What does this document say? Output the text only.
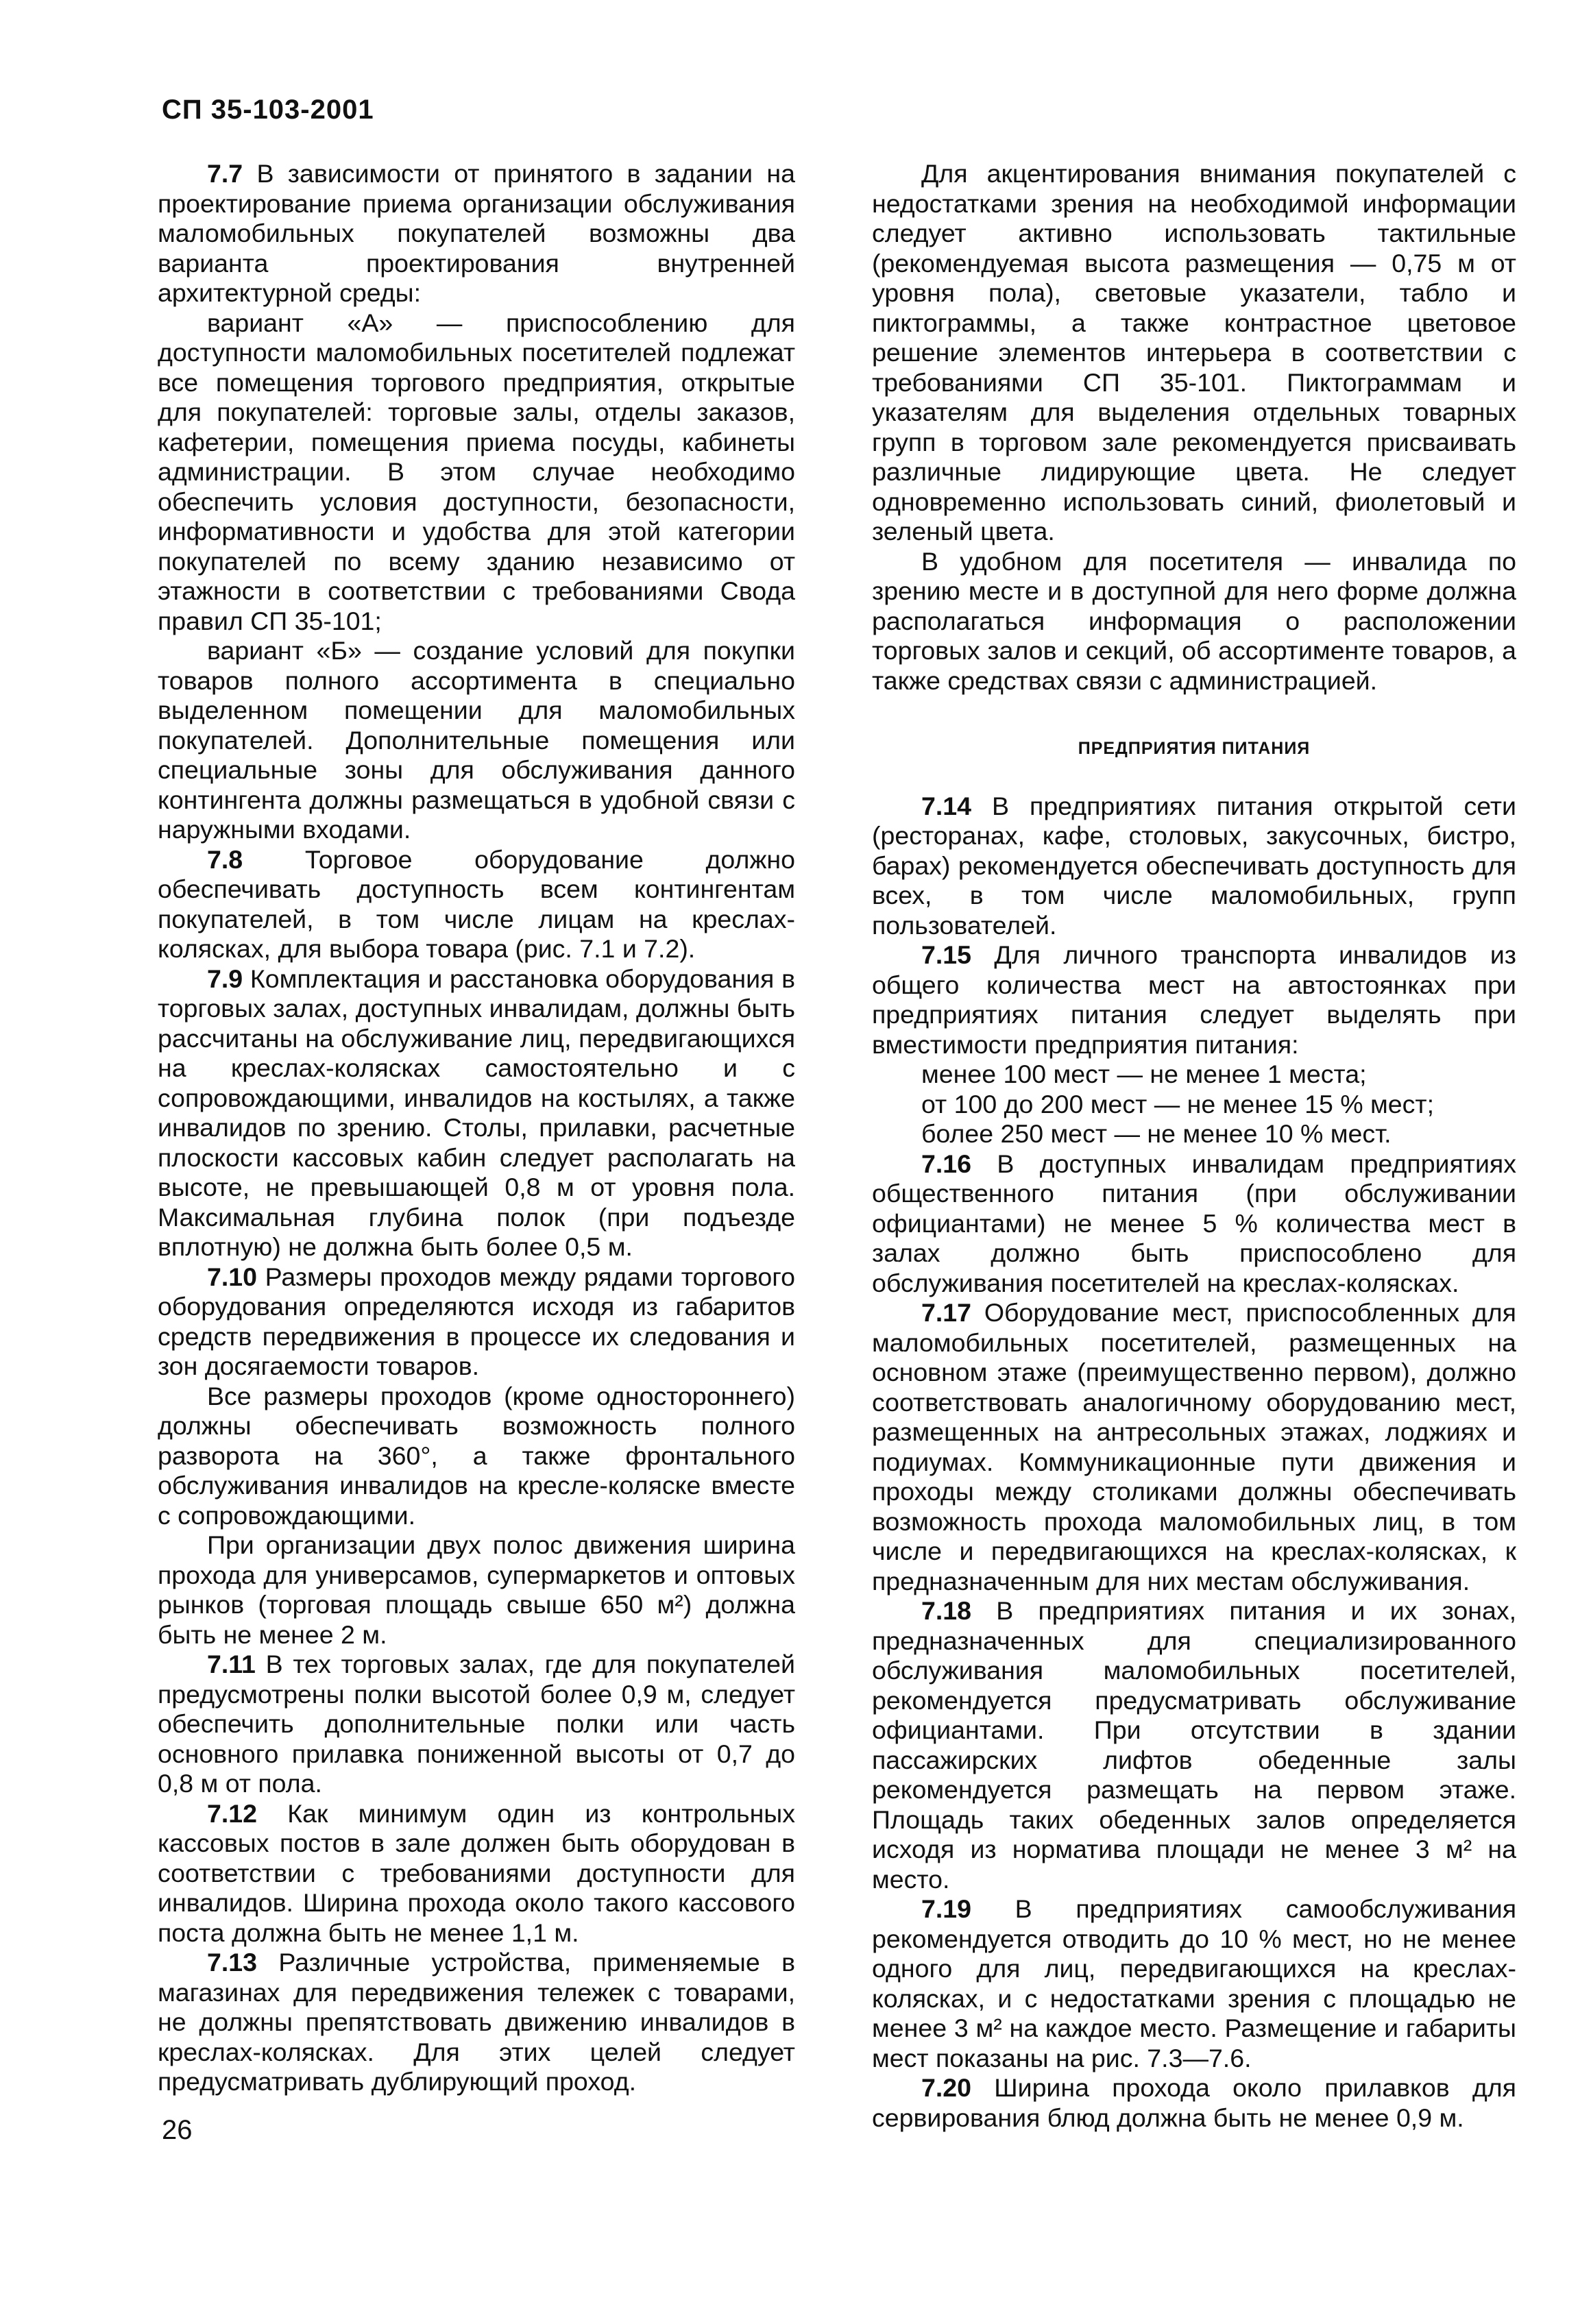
СП 35-103-2001

7.7 В зависимости от принятого в задании на проектирование приема организации обслуживания маломобильных покупателей возможны два варианта проектирования внутренней архитектурной среды:

вариант «А» — приспособлению для доступности маломобильных посетителей подлежат все помещения торгового предприятия, открытые для покупателей: торговые залы, отделы заказов, кафетерии, помещения приема посуды, кабинеты администрации. В этом случае необходимо обеспечить условия доступности, безопасности, информативности и удобства для этой категории покупателей по всему зданию независимо от этажности в соответствии с требованиями Свода правил СП 35-101;

вариант «Б» — создание условий для покупки товаров полного ассортимента в специально выделенном помещении для маломобильных покупателей. Дополнительные помещения или специальные зоны для обслуживания данного контингента должны размещаться в удобной связи с наружными входами.

7.8 Торговое оборудование должно обеспечивать доступность всем контингентам покупателей, в том числе лицам на креслах-колясках, для выбора товара (рис. 7.1 и 7.2).

7.9 Комплектация и расстановка оборудования в торговых залах, доступных инвалидам, должны быть рассчитаны на обслуживание лиц, передвигающихся на креслах-колясках самостоятельно и с сопровождающими, инвалидов на костылях, а также инвалидов по зрению. Столы, прилавки, расчетные плоскости кассовых кабин следует располагать на высоте, не превышающей 0,8 м от уровня пола. Максимальная глубина полок (при подъезде вплотную) не должна быть более 0,5 м.

7.10 Размеры проходов между рядами торгового оборудования определяются исходя из габаритов средств передвижения в процессе их следования и зон досягаемости товаров.

Все размеры проходов (кроме одностороннего) должны обеспечивать возможность полного разворота на 360°, а также фронтального обслуживания инвалидов на кресле-коляске вместе с сопровождающими.

При организации двух полос движения ширина прохода для универсамов, супермаркетов и оптовых рынков (торговая площадь свыше 650 м²) должна быть не менее 2 м.

7.11 В тех торговых залах, где для покупателей предусмотрены полки высотой более 0,9 м, следует обеспечить дополнительные полки или часть основного прилавка пониженной высоты от 0,7 до 0,8 м от пола.

7.12 Как минимум один из контрольных кассовых постов в зале должен быть оборудован в соответствии с требованиями доступности для инвалидов. Ширина прохода около такого кассового поста должна быть не менее 1,1 м.

7.13 Различные устройства, применяемые в магазинах для передвижения тележек с товарами, не должны препятствовать движению инвалидов в креслах-колясках. Для этих целей следует предусматривать дублирующий проход.

Для акцентирования внимания покупателей с недостатками зрения на необходимой информации следует активно использовать тактильные (рекомендуемая высота размещения — 0,75 м от уровня пола), световые указатели, табло и пиктограммы, а также контрастное цветовое решение элементов интерьера в соответствии с требованиями СП 35-101. Пиктограммам и указателям для выделения отдельных товарных групп в торговом зале рекомендуется присваивать различные лидирующие цвета. Не следует одновременно использовать синий, фиолетовый и зеленый цвета.

В удобном для посетителя — инвалида по зрению месте и в доступной для него форме должна располагаться информация о расположении торговых залов и секций, об ассортименте товаров, а также средствах связи с администрацией.

ПРЕДПРИЯТИЯ ПИТАНИЯ

7.14 В предприятиях питания открытой сети (ресторанах, кафе, столовых, закусочных, бистро, барах) рекомендуется обеспечивать доступность для всех, в том числе маломобильных, групп пользователей.

7.15 Для личного транспорта инвалидов из общего количества мест на автостоянках при предприятиях питания следует выделять при вместимости предприятия питания:

менее 100 мест — не менее 1 места;

от 100 до 200 мест — не менее 15 % мест;

более 250 мест — не менее 10 % мест.

7.16 В доступных инвалидам предприятиях общественного питания (при обслуживании официантами) не менее 5 % количества мест в залах должно быть приспособлено для обслуживания посетителей на креслах-колясках.

7.17 Оборудование мест, приспособленных для маломобильных посетителей, размещенных на основном этаже (преимущественно первом), должно соответствовать аналогичному оборудованию мест, размещенных на антресольных этажах, лоджиях и подиумах. Коммуникационные пути движения и проходы между столиками должны обеспечивать возможность прохода маломобильных лиц, в том числе и передвигающихся на креслах-колясках, к предназначенным для них местам обслуживания.

7.18 В предприятиях питания и их зонах, предназначенных для специализированного обслуживания маломобильных посетителей, рекомендуется предусматривать обслуживание официантами. При отсутствии в здании пассажирских лифтов обеденные залы рекомендуется размещать на первом этаже. Площадь таких обеденных залов определяется исходя из норматива площади не менее 3 м² на место.

7.19 В предприятиях самообслуживания рекомендуется отводить до 10 % мест, но не менее одного для лиц, передвигающихся на креслах-колясках, и с недостатками зрения с площадью не менее 3 м² на каждое место. Размещение и габариты мест показаны на рис. 7.3—7.6.

7.20 Ширина прохода около прилавков для сервирования блюд должна быть не менее 0,9 м.

26
